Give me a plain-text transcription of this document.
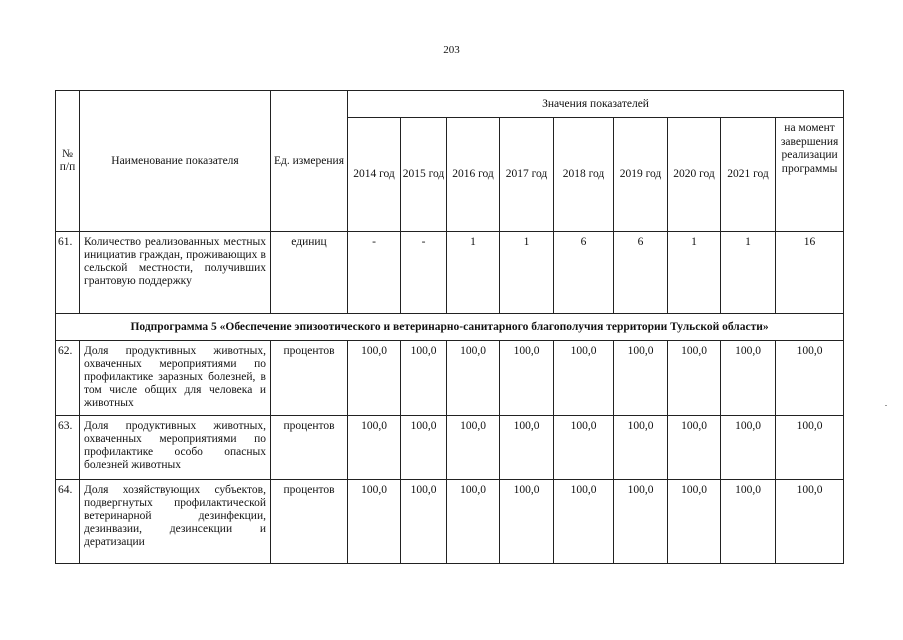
203
№ п/п	Наименование показателя	Ед. измерения	Значения показателей								
			2014 год	2015 год	2016 год	2017 год	2018 год	2019 год	2020 год	2021 год	на момент завершения реализации программы
61.	Количество реализованных местных инициатив граждан, проживающих в сельской местности, получивших грантовую поддержку	единиц	-	-	1	1	6	6	1	1	16
Подпрограмма 5 «Обеспечение эпизоотического и ветеринарно-санитарного благополучия территории Тульской области»											
62.	Доля продуктивных животных, охваченных мероприятиями по профилактике заразных болезней, в том числе общих для человека и животных	процентов	100,0	100,0	100,0	100,0	100,0	100,0	100,0	100,0	100,0
63.	Доля продуктивных животных, охваченных мероприятиями по профилактике особо опасных болезней животных	процентов	100,0	100,0	100,0	100,0	100,0	100,0	100,0	100,0	100,0
64.	Доля хозяйствующих субъектов, подвергнутых профилактической ветеринарной дезинфекции, дезинвазии, дезинсекции и дератизации	процентов	100,0	100,0	100,0	100,0	100,0	100,0	100,0	100,0	100,0
